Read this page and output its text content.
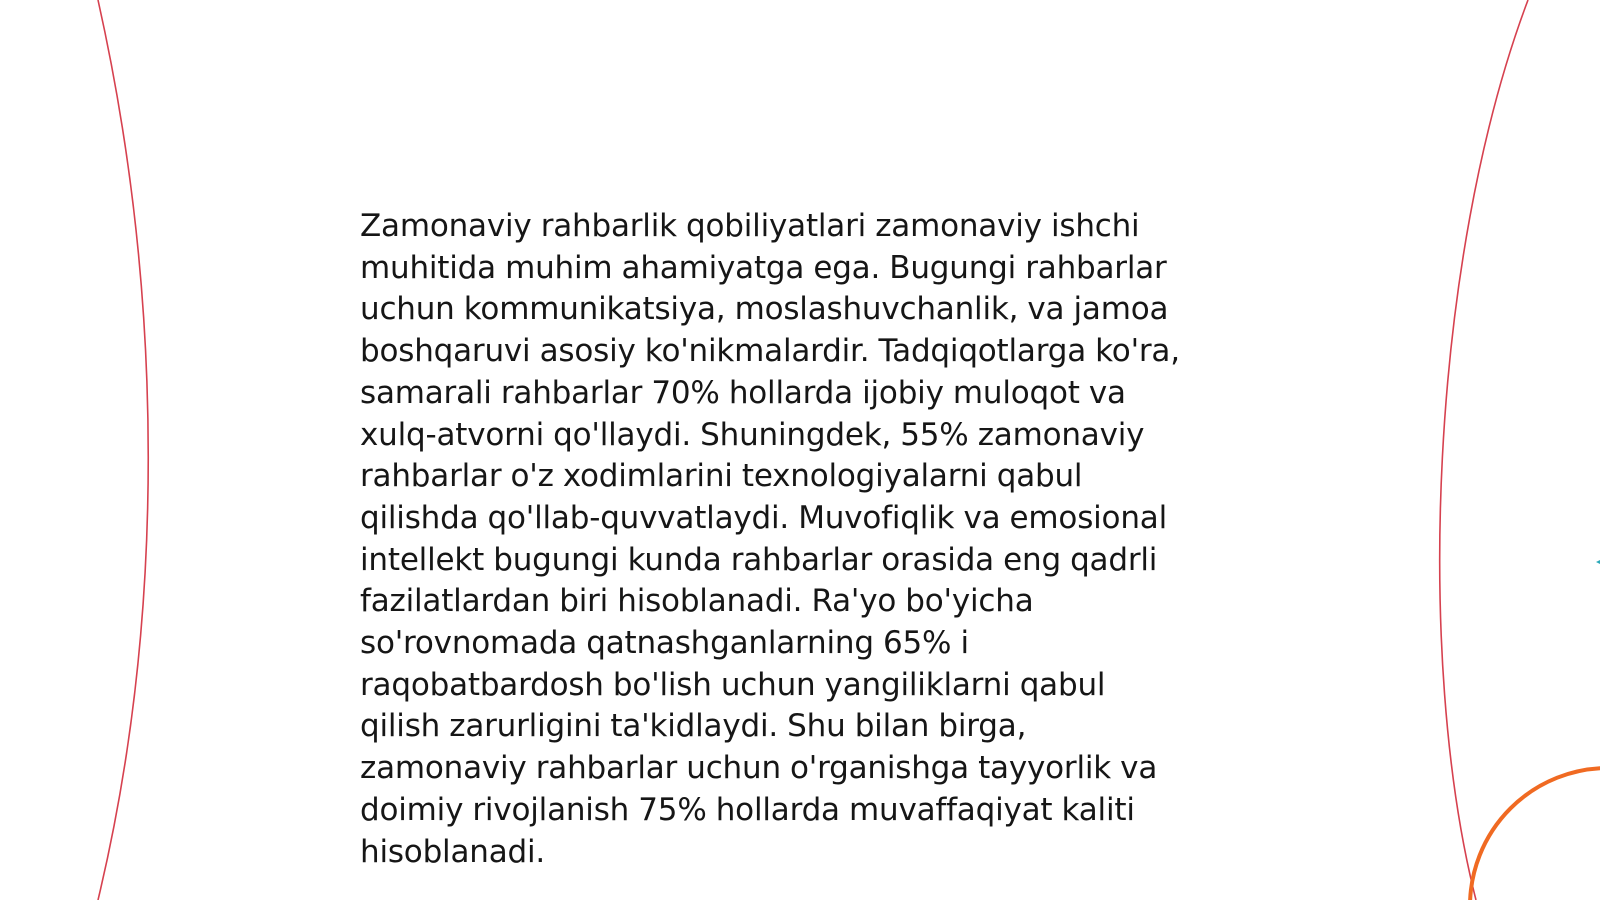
Zamonaviy rahbarlik qobiliyatlari zamonaviy ishchi
muhitida muhim ahamiyatga ega. Bugungi rahbarlar
uchun kommunikatsiya, moslashuvchanlik, va jamoa
boshqaruvi asosiy ko'nikmalardir. Tadqiqotlarga ko'ra,
samarali rahbarlar 70% hollarda ijobiy muloqot va
xulq-atvorni qo'llaydi. Shuningdek, 55% zamonaviy
rahbarlar o'z xodimlarini texnologiyalarni qabul
qilishda qo'llab-quvvatlaydi. Muvofiqlik va emosional
intellekt bugungi kunda rahbarlar orasida eng qadrli
fazilatlardan biri hisoblanadi. Ra'yo bo'yicha
so'rovnomada qatnashganlarning 65% i
raqobatbardosh bo'lish uchun yangiliklarni qabul
qilish zarurligini ta'kidlaydi. Shu bilan birga,
zamonaviy rahbarlar uchun o'rganishga tayyorlik va
doimiy rivojlanish 75% hollarda muvaffaqiyat kaliti
hisoblanadi.
